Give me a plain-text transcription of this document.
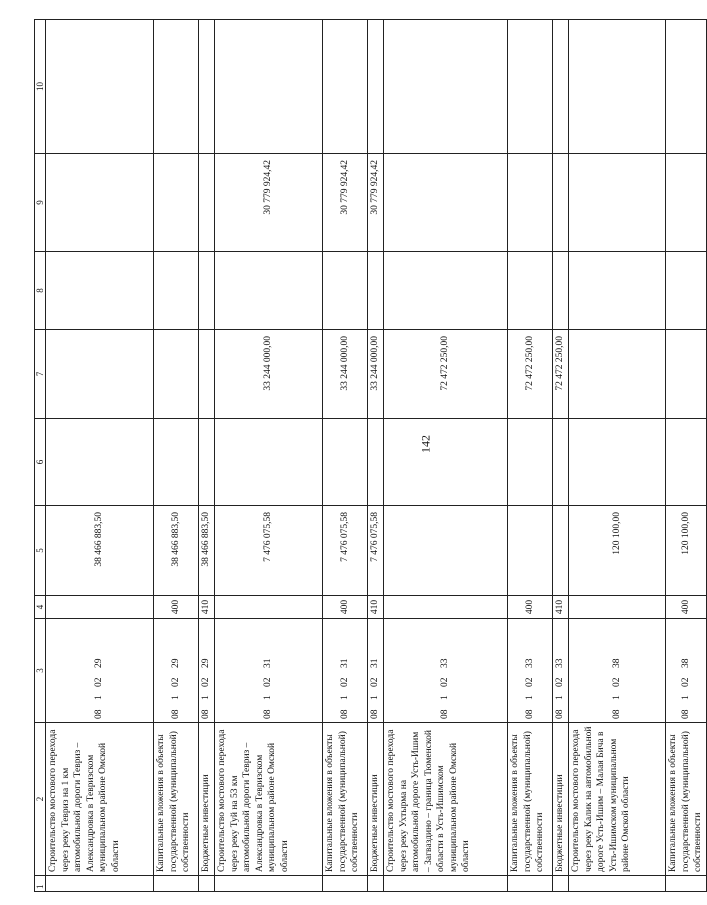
142
1	2	3	4	5	6	7	8	9	10
	Строительство мостового перехода через реку Тевриз на 1 км автомобильной дороги Тевриз – Александровка в Тевризском муниципальном районе Омской области	0810229		38 466 883,50					
	Капитальные вложения в объекты государственной (муниципальной) собственности	0810229	400	38 466 883,50					
	Бюджетные инвестиции	0810229	410	38 466 883,50					
	Строительство мостового перехода через реку Туй на 53 км автомобильной дороги Тевриз – Александровка в Тевризском муниципальном районе Омской области	0810231		7 476 075,58		33 244 000,00		30 779 924,42	
	Капитальные вложения в объекты государственной (муниципальной) собственности	0810231	400	7 476 075,58		33 244 000,00		30 779 924,42	
	Бюджетные инвестиции	0810231	410	7 476 075,58		33 244 000,00		30 779 924,42	
	Строительство мостового перехода через реку Ухтырма на автомобильной дороге Усть-Ишим – Загваздино – граница Тюменской области в Усть-Ишимском муниципальном районе Омской области	0810233				72 472 250,00			
	Капитальные вложения в объекты государственной (муниципальной) собственности	0810233	400			72 472 250,00			
	Бюджетные инвестиции	0810233	410			72 472 250,00			
	Строительство мостового перехода через реку Калик на автомобильной дороге Усть-Ишим – Малая Бича в Усть-Ишимском муниципальном районе Омской области	0810238		120 100,00					
	Капитальные вложения в объекты государственной (муниципальной) собственности	0810238	400	120 100,00					
